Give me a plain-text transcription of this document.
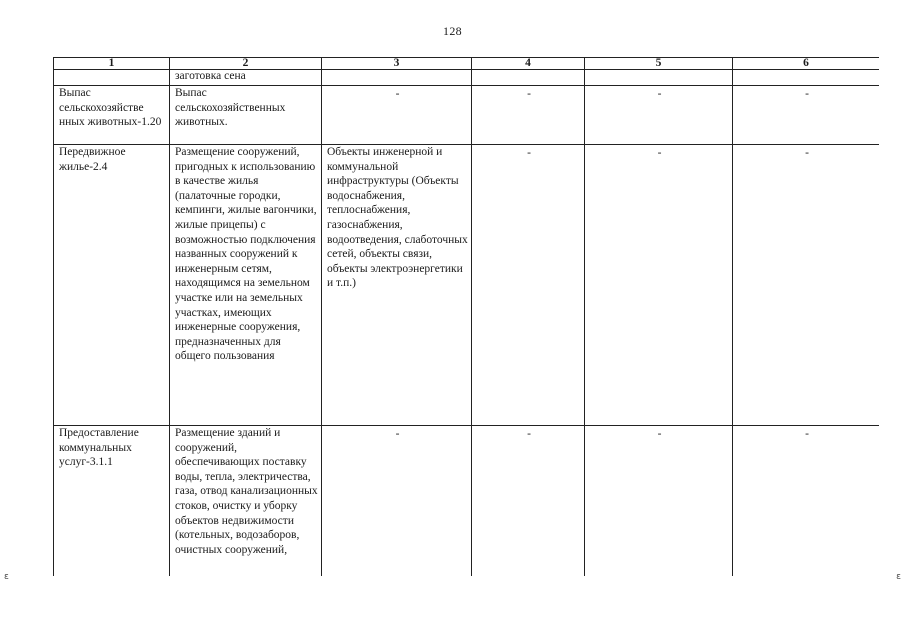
128
1	2	3	4	5	6
	заготовка сена				
Выпас сельскохозяйстве нных животных-1.20	Выпас сельскохозяйственных животных.	-	-	-	-
Передвижное жилье-2.4	Размещение сооружений, пригодных к использованию в качестве жилья (палаточные городки, кемпинги, жилые вагончики, жилые прицепы) с возможностью подключения названных сооружений к инженерным сетям, находящимся на земельном участке или на земельных участках, имеющих инженерные сооружения, предназначенных для общего пользования	Объекты инженерной и коммунальной инфраструктуры (Объекты водоснабжения, теплоснабжения, газоснабжения, водоотведения, слаботочных сетей, объекты связи, объекты электроэнергетики и т.п.)	-	-	-
Предоставление коммунальных услуг-3.1.1	Размещение зданий и сооружений, обеспечивающих поставку воды, тепла, электричества, газа, отвод канализационных стоков, очистку и уборку объектов недвижимости (котельных, водозаборов, очистных сооружений,	-	-	-	-
ε	ε
